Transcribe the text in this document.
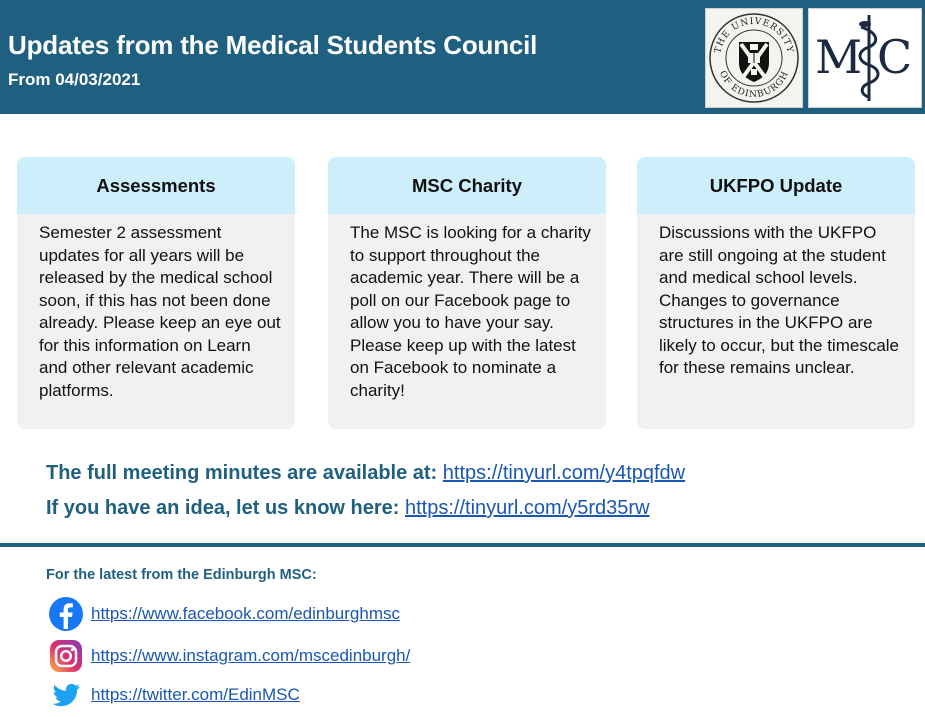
Updates from the Medical Students Council
From 04/03/2021
THE UNIVERSITY
OF EDINBURGH M C
Assessments
Semester 2 assessment updates for all years will be released by the medical school soon, if this has not been done already. Please keep an eye out for this information on Learn and other relevant academic platforms.
MSC Charity
The MSC is looking for a charity to support throughout the academic year. There will be a poll on our Facebook page to allow you to have your say. Please keep up with the latest on Facebook to nominate a charity!
UKFPO Update
Discussions with the UKFPO are still ongoing at the student and medical school levels. Changes to governance structures in the UKFPO are likely to occur, but the timescale for these remains unclear.
The full meeting minutes are available at: https://tinyurl.com/y4tpqfdw
If you have an idea, let us know here: https://tinyurl.com/y5rd35rw
For the latest from the Edinburgh MSC:
https://www.facebook.com/edinburghmsc
https://www.instagram.com/mscedinburgh/
https://twitter.com/EdinMSC
